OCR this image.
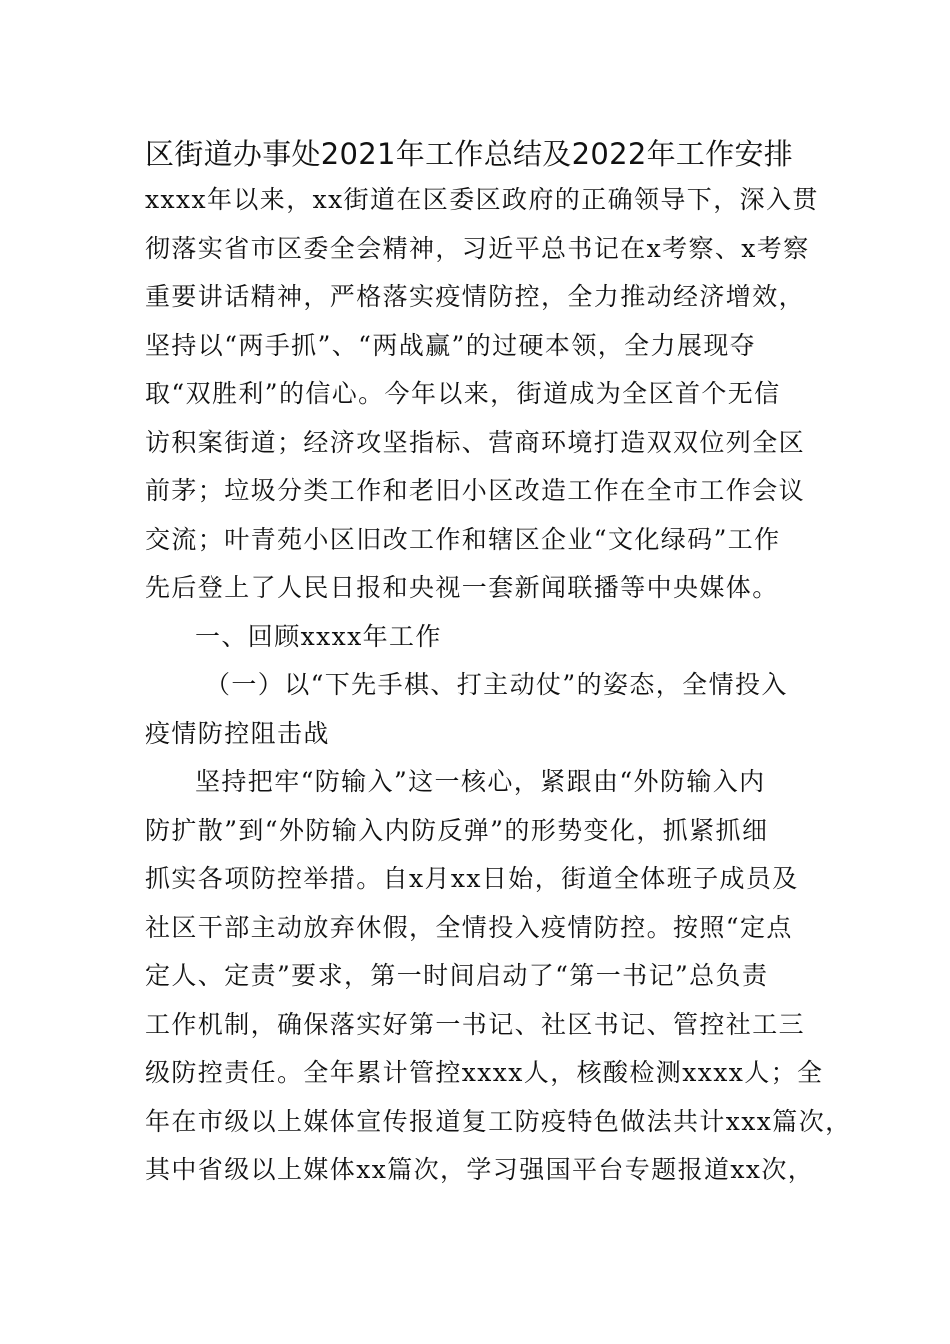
区街道办事处2021年工作总结及2022年工作安排

xxxx年以来，xx街道在区委区政府的正确领导下，深入贯

彻落实省市区委全会精神，习近平总书记在x考察、x考察

重要讲话精神，严格落实疫情防控，全力推动经济增效，

坚持以“两手抓”、“两战赢”的过硬本领，全力展现夺

取“双胜利”的信心。今年以来，街道成为全区首个无信

访积案街道；经济攻坚指标、营商环境打造双双位列全区

前茅；垃圾分类工作和老旧小区改造工作在全市工作会议

交流；叶青苑小区旧改工作和辖区企业“文化绿码”工作

先后登上了人民日报和央视一套新闻联播等中央媒体。

一、回顾xxxx年工作

（一）以“下先手棋、打主动仗”的姿态，全情投入

疫情防控阻击战

坚持把牢“防输入”这一核心，紧跟由“外防输入内

防扩散”到“外防输入内防反弹”的形势变化，抓紧抓细

抓实各项防控举措。自x月xx日始，街道全体班子成员及

社区干部主动放弃休假，全情投入疫情防控。按照“定点

定人、定责”要求，第一时间启动了“第一书记”总负责

工作机制，确保落实好第一书记、社区书记、管控社工三

级防控责任。全年累计管控xxxx人，核酸检测xxxx人；全

年在市级以上媒体宣传报道复工防疫特色做法共计xxx篇次，

其中省级以上媒体xx篇次，学习强国平台专题报道xx次，
